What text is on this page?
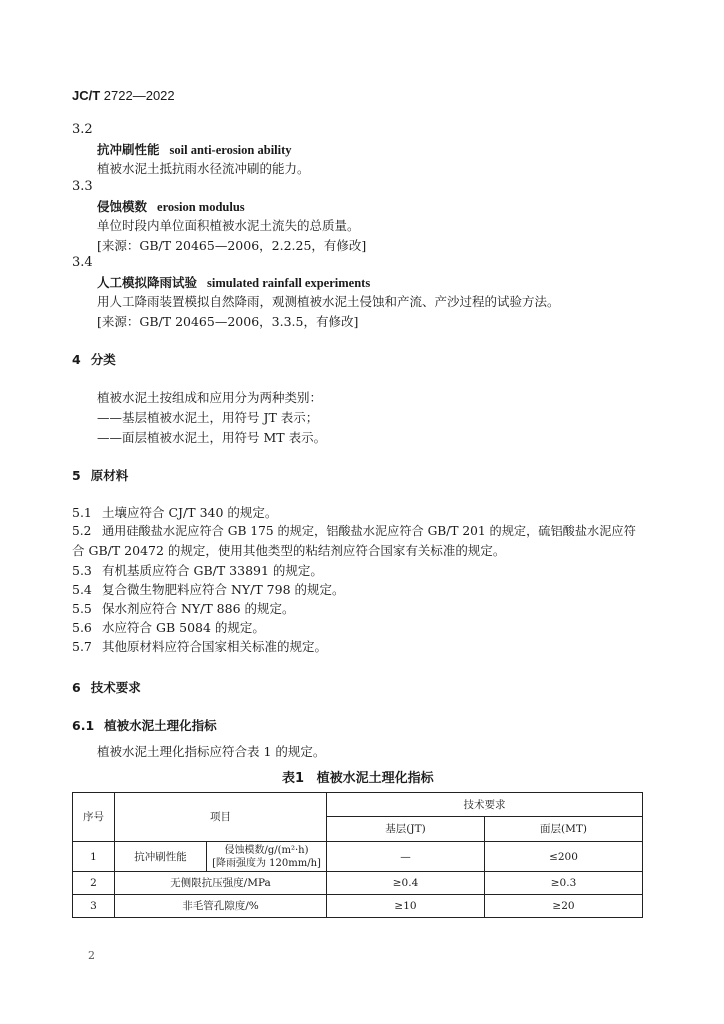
JC/T 2722—2022
3.2
抗冲刷性能 soil anti-erosion ability
植被水泥土抵抗雨水径流冲刷的能力。
3.3
侵蚀模数 erosion modulus
单位时段内单位面积植被水泥土流失的总质量。
[来源：GB/T 20465—2006，2.2.25，有修改]
3.4
人工模拟降雨试验 simulated rainfall experiments
用人工降雨装置模拟自然降雨，观测植被水泥土侵蚀和产流、产沙过程的试验方法。
[来源：GB/T 20465—2006，3.3.5，有修改]
4 分类
植被水泥土按组成和应用分为两种类别：
——基层植被水泥土，用符号 JT 表示；
——面层植被水泥土，用符号 MT 表示。
5 原材料
5.1 土壤应符合 CJ/T 340 的规定。
5.2 通用硅酸盐水泥应符合 GB 175 的规定，铝酸盐水泥应符合 GB/T 201 的规定，硫铝酸盐水泥应符
合 GB/T 20472 的规定，使用其他类型的粘结剂应符合国家有关标准的规定。
5.3 有机基质应符合 GB/T 33891 的规定。
5.4 复合微生物肥料应符合 NY/T 798 的规定。
5.5 保水剂应符合 NY/T 886 的规定。
5.6 水应符合 GB 5084 的规定。
5.7 其他原材料应符合国家相关标准的规定。
6 技术要求
6.1 植被水泥土理化指标
植被水泥土理化指标应符合表 1 的规定。
表1 植被水泥土理化指标
序号	项目		技术要求	
			基层(JT)	面层(MT)
1	抗冲刷性能	侵蚀模数/g/(m²·h)
[降雨强度为 120mm/h]	—	≤200
2	无侧限抗压强度/MPa		≥0.4	≥0.3
3	非毛管孔隙度/%		≥10	≥20
2
